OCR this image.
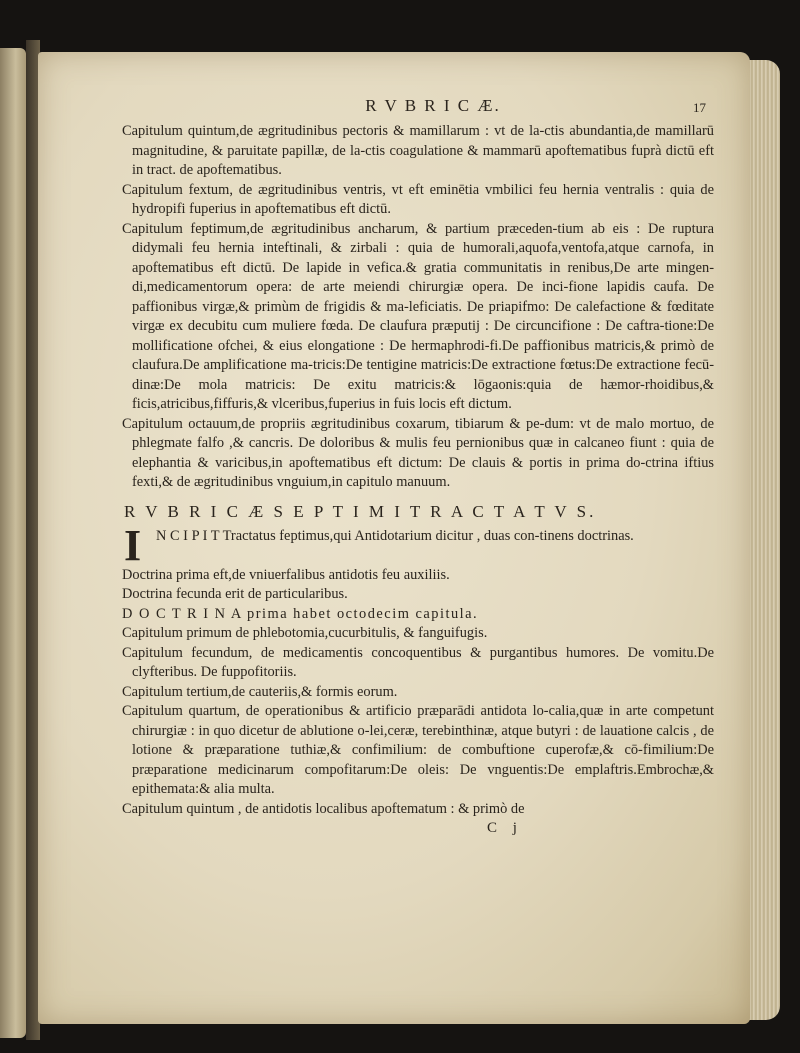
R V B R I C Æ.	17

Capitulum quintum,de ægritudinibus pectoris & mamillarum : vt de la-ctis abundantia,de mamillarū magnitudine, & paruitate papillæ, de la-ctis coagulatione & mammarū apoftematibus fuprà dictū eft in tract. de apoftematibus.

Capitulum fextum, de ægritudinibus ventris, vt eft eminētia vmbilici feu hernia ventralis : quia de hydropifi fuperius in apoftematibus eft dictū.

Capitulum feptimum,de ægritudinibus ancharum, & partium præceden-tium ab eis : De ruptura didymali feu hernia inteftinali, & zirbali : quia de humorali,aquofa,ventofa,atque carnofa, in apoftematibus eft dictū. De lapide in vefica.& gratia communitatis in renibus,De arte mingen-di,medicamentorum opera: de arte meiendi chirurgiæ opera. De inci-fione lapidis caufa. De paffionibus virgæ,& primùm de frigidis & ma-leficiatis. De priapifmo: De calefactione & fœditate virgæ ex decubitu cum muliere fœda. De claufura præputij : De circuncifione : De caftra-tione:De mollificatione ofchei, & eius elongatione : De hermaphrodi-fi.De paffionibus matricis,& primò de claufura.De amplificatione ma-tricis:De tentigine matricis:De extractione fœtus:De extractione fecū-dinæ:De mola matricis: De exitu matricis:& lōgaonis:quia de hæmor-rhoidibus,& ficis,atricibus,fiffuris,& vlceribus,fuperius in fuis locis eft dictum.

Capitulum octauum,de propriis ægritudinibus coxarum, tibiarum & pe-dum: vt de malo mortuo, de phlegmate falfo ,& cancris. De doloribus & mulis feu pernionibus quæ in calcaneo fiunt : quia de elephantia & varicibus,in apoftematibus eft dictum: De clauis & portis in prima do-ctrina iftius fexti,& de ægritudinibus vnguium,in capitulo manuum.

R V B R I C Æ S E P T I M I T R A C T A T V S.
I N C I P I T Tractatus feptimus,qui Antidotarium dicitur , duas con-tinens doctrinas.

Doctrina prima eft,de vniuerfalibus antidotis feu auxiliis.

Doctrina fecunda erit de particularibus.

D O C T R I N A prima habet octodecim capitula.

Capitulum primum de phlebotomia,cucurbitulis, & fanguifugis.

Capitulum fecundum, de medicamentis concoquentibus & purgantibus humores. De vomitu.De clyfteribus. De fuppofitoriis.

Capitulum tertium,de cauteriis,& formis eorum.

Capitulum quartum, de operationibus & artificio præparādi antidota lo-calia,quæ in arte competunt chirurgiæ : in quo dicetur de ablutione o-lei,ceræ, terebinthinæ, atque butyri : de lauatione calcis , de lotione & præparatione tuthiæ,& confimilium: de combuftione cuperofæ,& cō-fimilium:De præparatione medicinarum compofitarum:De oleis: De vnguentis:De emplaftris.Embrochæ,& epithemata:& alia multa.

Capitulum quintum , de antidotis localibus apoftematum : & primò de

C j
